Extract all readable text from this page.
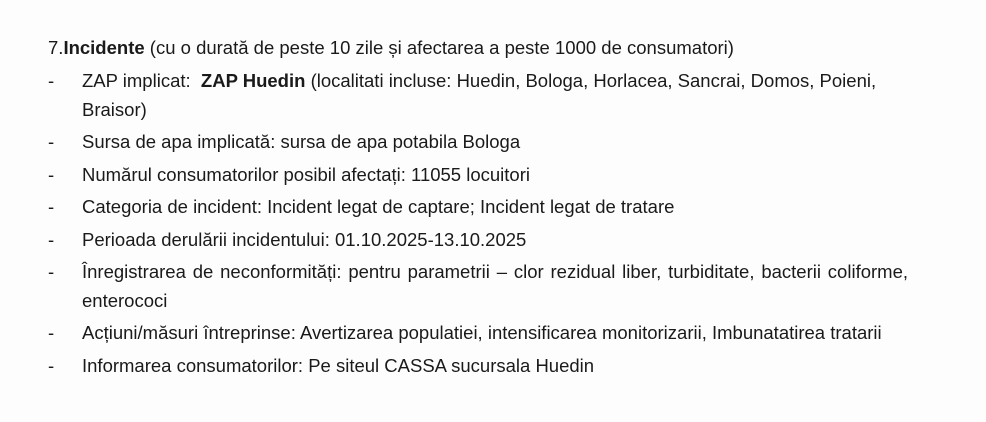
7.Incidente (cu o durată de peste 10 zile și afectarea a peste 1000 de consumatori)
- ZAP implicat: ZAP Huedin (localitati incluse: Huedin, Bologa, Horlacea, Sancrai, Domos, Poieni, Braisor)
- Sursa de apa implicată: sursa de apa potabila Bologa
- Numărul consumatorilor posibil afectați: 11055 locuitori
- Categoria de incident: Incident legat de captare; Incident legat de tratare
- Perioada derulării incidentului: 01.10.2025-13.10.2025
- Înregistrarea de neconformități: pentru parametrii – clor rezidual liber, turbiditate, bacterii coliforme, enterococi
- Acțiuni/măsuri întreprinse: Avertizarea populatiei, intensificarea monitorizarii, Imbunatatirea tratarii
- Informarea consumatorilor: Pe siteul CASSA sucursala Huedin
